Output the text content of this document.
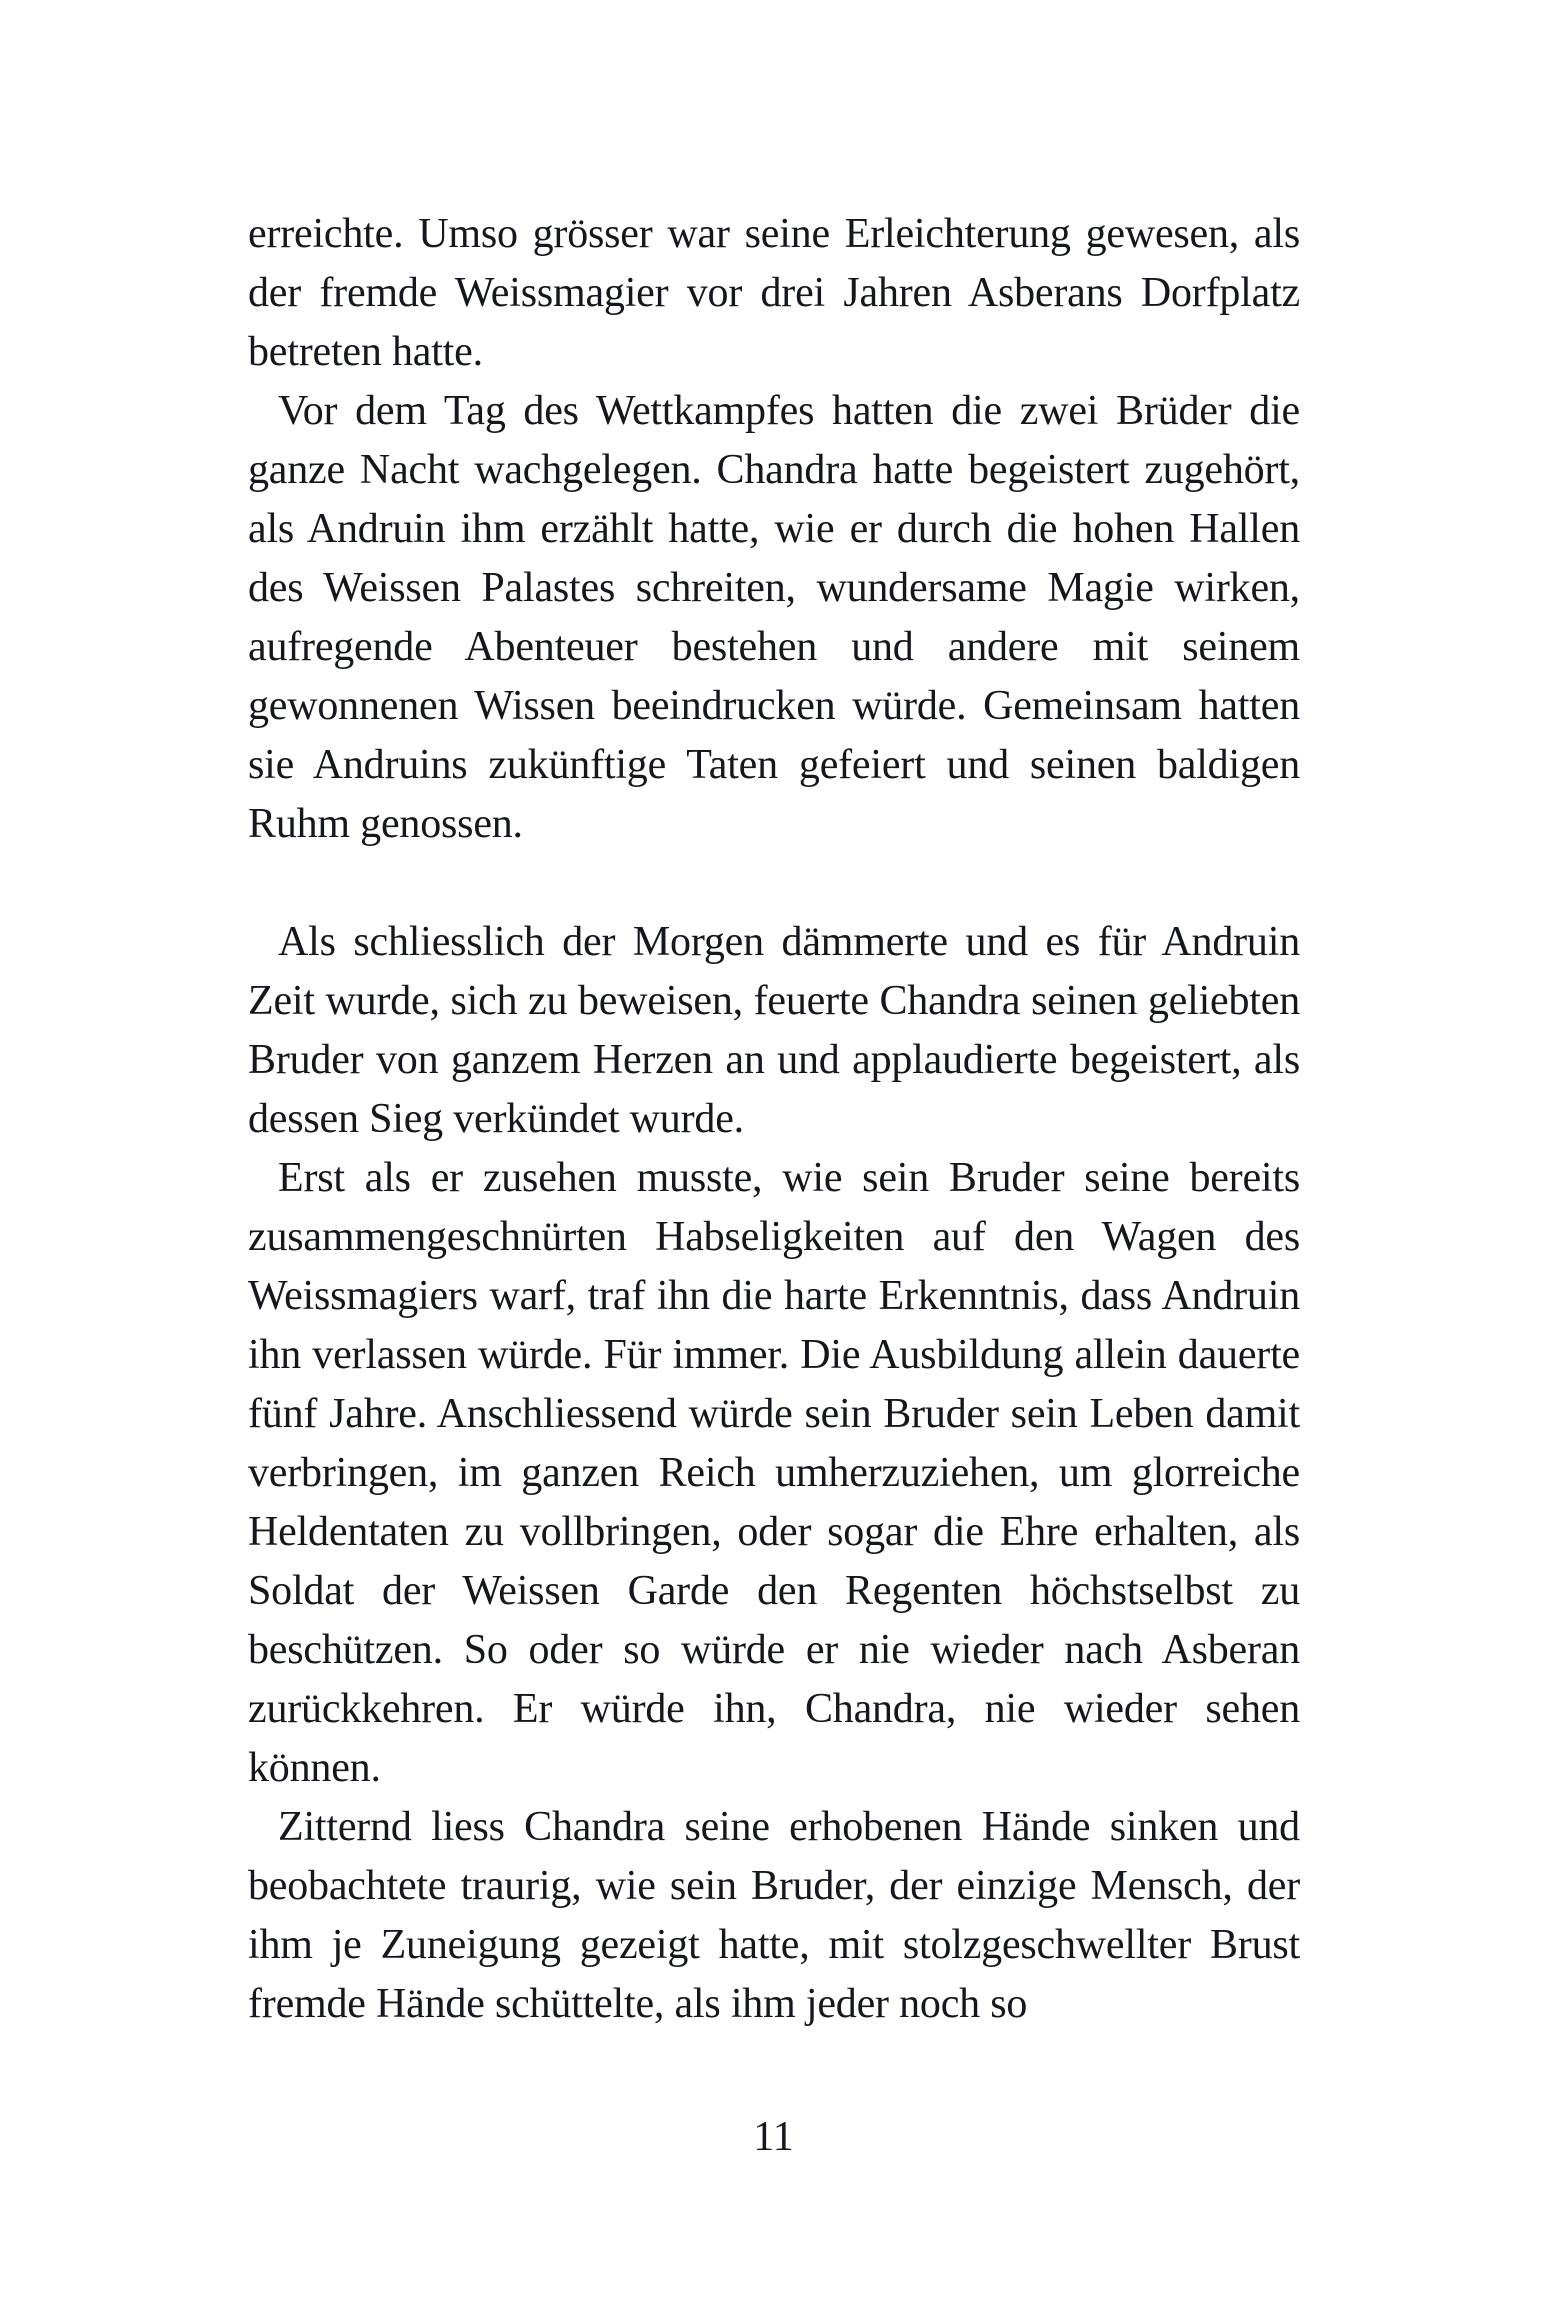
erreichte. Umso grösser war seine Erleichterung gewesen, als der fremde Weissmagier vor drei Jahren Asberans Dorfplatz betreten hatte.

Vor dem Tag des Wettkampfes hatten die zwei Brüder die ganze Nacht wachgelegen. Chandra hatte begeistert zugehört, als Andruin ihm erzählt hatte, wie er durch die hohen Hallen des Weissen Palastes schreiten, wundersame Magie wirken, aufregende Abenteuer bestehen und andere mit seinem gewonnenen Wissen beeindrucken würde. Gemeinsam hatten sie Andruins zukünftige Taten gefeiert und seinen baldigen Ruhm genossen.

Als schliesslich der Morgen dämmerte und es für Andruin Zeit wurde, sich zu beweisen, feuerte Chandra seinen geliebten Bruder von ganzem Herzen an und applaudierte begeistert, als dessen Sieg verkündet wurde.

Erst als er zusehen musste, wie sein Bruder seine bereits zusammengeschnürten Habseligkeiten auf den Wagen des Weissmagiers warf, traf ihn die harte Erkenntnis, dass Andruin ihn verlassen würde. Für immer. Die Ausbildung allein dauerte fünf Jahre. Anschliessend würde sein Bruder sein Leben damit verbringen, im ganzen Reich umherzuziehen, um glorreiche Heldentaten zu vollbringen, oder sogar die Ehre erhalten, als Soldat der Weissen Garde den Regenten höchstselbst zu beschützen. So oder so würde er nie wieder nach Asberan zurückkehren. Er würde ihn, Chandra, nie wieder sehen können.

Zitternd liess Chandra seine erhobenen Hände sinken und beobachtete traurig, wie sein Bruder, der einzige Mensch, der ihm je Zuneigung gezeigt hatte, mit stolzgeschwellter Brust fremde Hände schüttelte, als ihm jeder noch so

11
